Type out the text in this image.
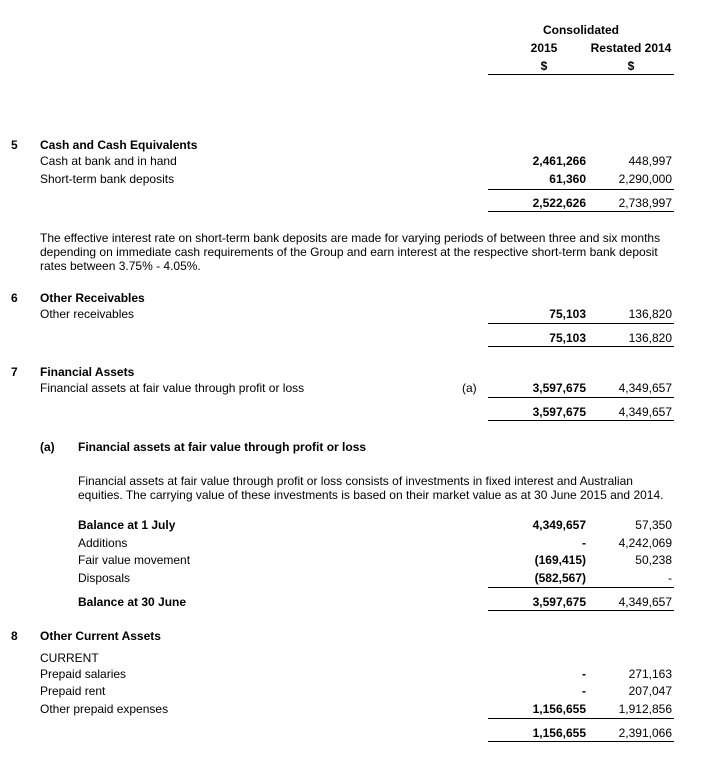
Consolidated
2015	Restated 2014
$	$
5 Cash and Cash Equivalents
Cash at bank and in hand	2,461,266	448,997
Short-term bank deposits	61,360	2,290,000
2,522,626	2,738,997
The effective interest rate on short-term bank deposits are made for varying periods of between three and six months depending on immediate cash requirements of the Group and earn interest at the respective short-term bank deposit rates between 3.75% - 4.05%.
6 Other Receivables
Other receivables	75,103	136,820
75,103	136,820
7 Financial Assets
Financial assets at fair value through profit or loss	(a)	3,597,675	4,349,657
3,597,675	4,349,657
(a) Financial assets at fair value through profit or loss
Financial assets at fair value through profit or loss consists of investments in fixed interest and Australian equities. The carrying value of these investments is based on their market value as at 30 June 2015 and 2014.
Balance at 1 July	4,349,657	57,350
Additions	-	4,242,069
Fair value movement	(169,415)	50,238
Disposals	(582,567)	-
Balance at 30 June	3,597,675	4,349,657
8 Other Current Assets
CURRENT
Prepaid salaries	-	271,163
Prepaid rent	-	207,047
Other prepaid expenses	1,156,655	1,912,856
1,156,655	2,391,066
